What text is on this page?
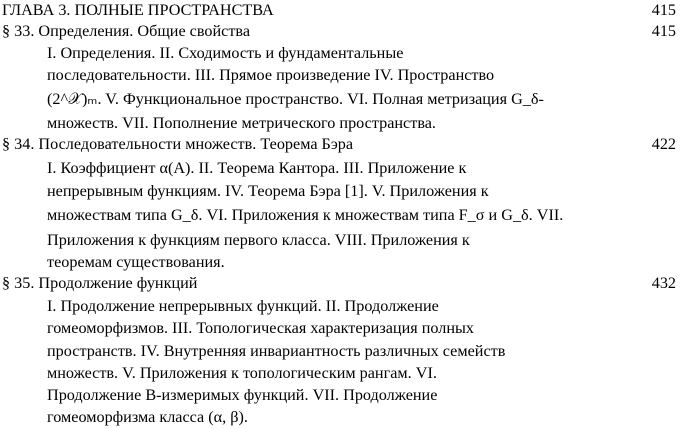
ГЛАВА 3. ПОЛНЫЕ ПРОСТРАНСТВА	415
§ 33. Определения. Общие свойства	415
I. Определения. II. Сходимость и фундаментальные
последовательности. III. Прямое произведение IV. Пространство
(2^𝒳)ₘ. V. Функциональное пространство. VI. Полная метризация G_δ-
множеств. VII. Пополнение метрического пространства.
§ 34. Последовательности множеств. Теорема Бэра	422
I. Коэффициент α(A). II. Теорема Кантора. III. Приложение к
непрерывным функциям. IV. Теорема Бэра [1]. V. Приложения к
множествам типа G_δ. VI. Приложения к множествам типа F_σ и G_δ. VII.
Приложения к функциям первого класса. VIII. Приложения к
теоремам существования.
§ 35. Продолжение функций	432
I. Продолжение непрерывных функций. II. Продолжение
гомеоморфизмов. III. Топологическая характеризация полных
пространств. IV. Внутренняя инвариантность различных семейств
множеств. V. Приложения к топологическим рангам. VI.
Продолжение B-измеримых функций. VII. Продолжение
гомеоморфизма класса (α, β).
